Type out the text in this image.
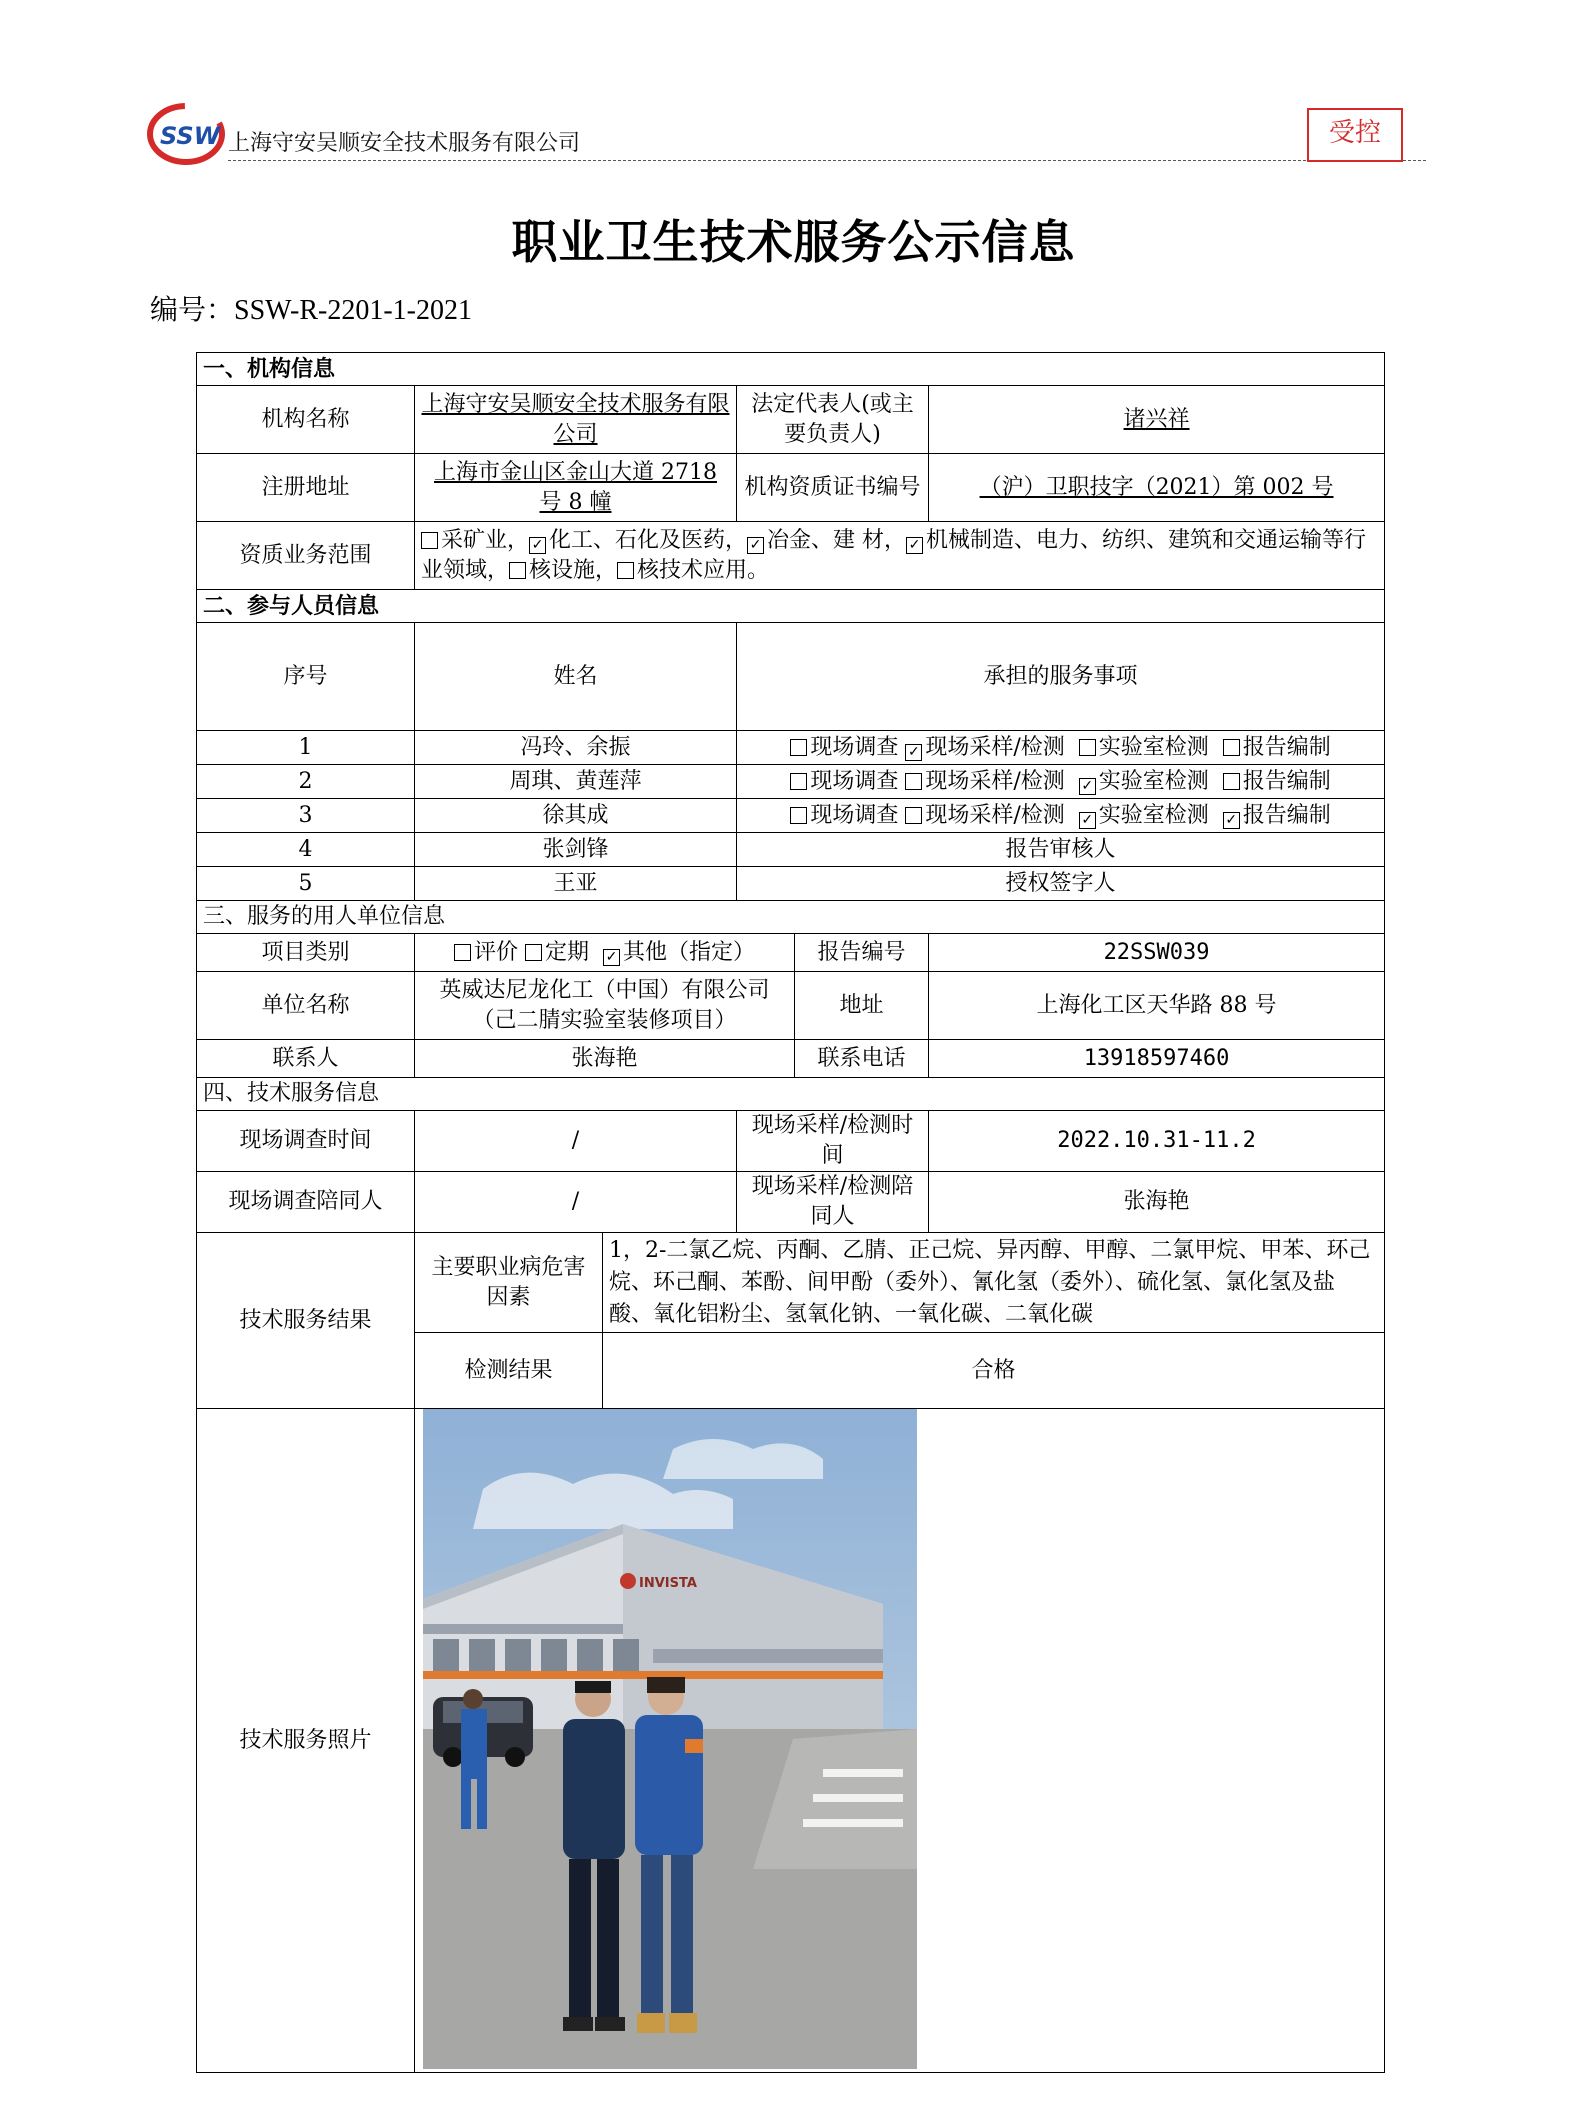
SSW 上海守安吴顺安全技术服务有限公司	受控
职业卫生技术服务公示信息
编号：SSW-R-2201-1-2021
一、机构信息					
机构名称	上海守安吴顺安全技术服务有限公司		法定代表人(或主要负责人)		诸兴祥
注册地址	上海市金山区金山大道 2718 号 8 幢		机构资质证书编号		（沪）卫职技字（2021）第 002 号
资质业务范围	采矿业， ✓ 化工、石化及医药， ✓ 冶金、建 材， ✓ 机械制造、电力、纺织、建筑和交通运输等行业领域， 核设施， 核技术应用。				
二、参与人员信息					
序号	姓名		承担的服务事项		
1	冯玲、余振		现场调查 ✓ 现场采样/检测 实验室检测 报告编制		
2	周琪、黄莲萍		现场调查 现场采样/检测 ✓ 实验室检测 报告编制		
3	徐其成		现场调查 现场采样/检测 ✓ 实验室检测 ✓ 报告编制		
4	张剑锋		报告审核人		
5	王亚		授权签字人		
三、服务的用人单位信息					
项目类别	评价 定期 ✓ 其他（指定）			报告编号	22SSW039
单位名称	英威达尼龙化工（中国）有限公司
（己二腈实验室装修项目）			地址	上海化工区天华路 88 号
联系人	张海艳			联系电话	13918597460
四、技术服务信息					
现场调查时间	/		现场采样/检测时间		2022.10.31-11.2
现场调查陪同人	/		现场采样/检测陪同人		张海艳
技术服务结果	主要职业病危害因素	1，2-二氯乙烷、丙酮、乙腈、正己烷、异丙醇、甲醇、二氯甲烷、甲苯、环己烷、环己酮、苯酚、间甲酚（委外）、氰化氢（委外）、硫化氢、氯化氢及盐酸、氧化铝粉尘、氢氧化钠、一氧化碳、二氧化碳			
	检测结果	合格			
技术服务照片	INVISTA				
